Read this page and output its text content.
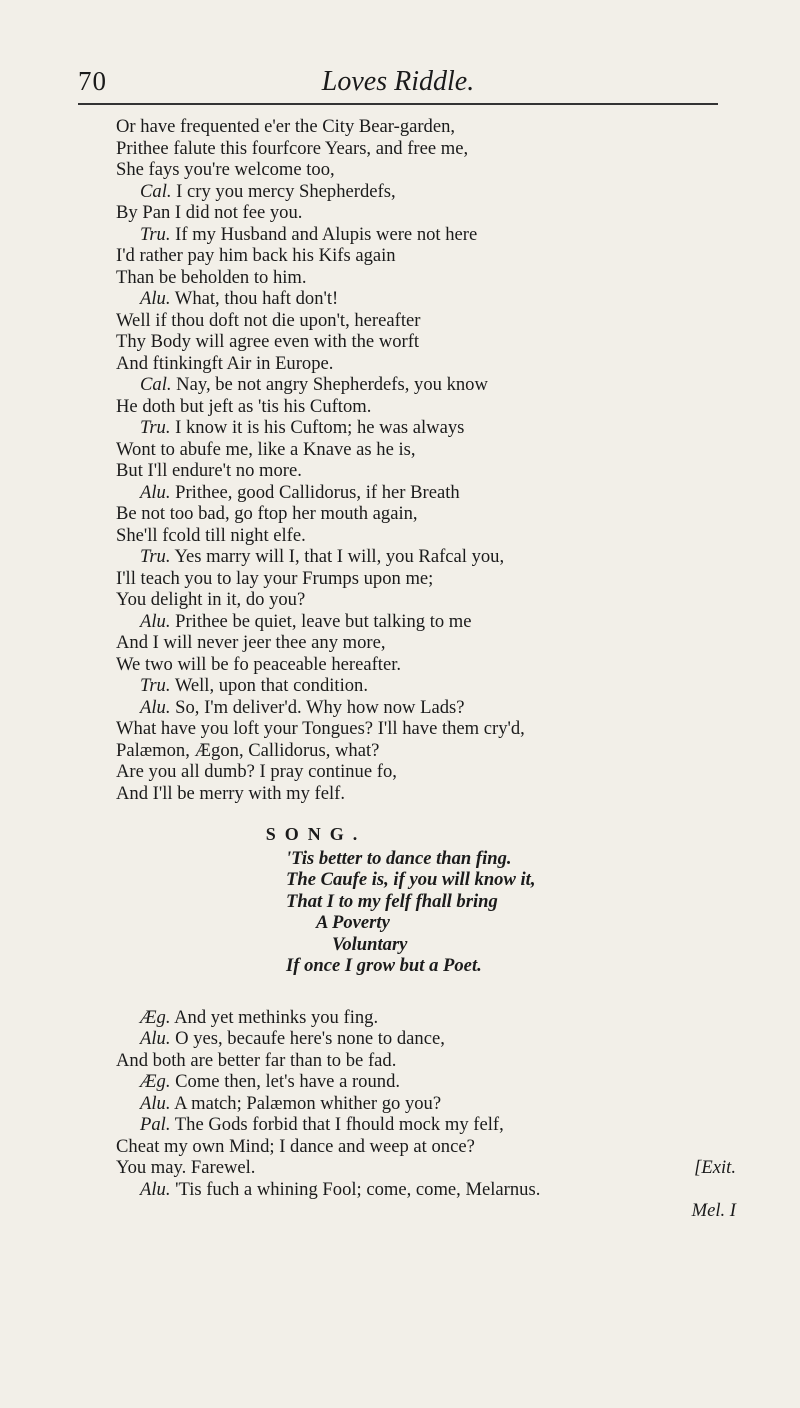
70	Loves Riddle.
Or have frequented e'er the City Bear-garden,
Prithee falute this fourfcore Years, and free me,
She fays you're welcome too,
Cal. I cry you mercy Shepherdefs,
By Pan I did not fee you.
Tru. If my Husband and Alupis were not here
I'd rather pay him back his Kifs again
Than be beholden to him.
Alu. What, thou haft don't!
Well if thou doft not die upon't, hereafter
Thy Body will agree even with the worft
And ftinkingft Air in Europe.
Cal. Nay, be not angry Shepherdefs, you know
He doth but jeft as 'tis his Cuftom.
Tru. I know it is his Cuftom; he was always
Wont to abufe me, like a Knave as he is,
But I'll endure't no more.
Alu. Prithee, good Callidorus, if her Breath
Be not too bad, go ftop her mouth again,
She'll fcold till night elfe.
Tru. Yes marry will I, that I will, you Rafcal you,
I'll teach you to lay your Frumps upon me;
You delight in it, do you?
Alu. Prithee be quiet, leave but talking to me
And I will never jeer thee any more,
We two will be fo peaceable hereafter.
Tru. Well, upon that condition.
Alu. So, I'm deliver'd. Why how now Lads?
What have you loft your Tongues? I'll have them cry'd,
Palæmon, Ægon, Callidorus, what?
Are you all dumb? I pray continue fo,
And I'll be merry with my felf.
SONG.
'Tis better to dance than fing.
The Caufe is, if you will know it,
That I to my felf fhall bring
A Poverty
Voluntary
If once I grow but a Poet.
Æg. And yet methinks you fing.
Alu. O yes, becaufe here's none to dance,
And both are better far than to be fad.
Æg. Come then, let's have a round.
Alu. A match; Palæmon whither go you?
Pal. The Gods forbid that I fhould mock my felf,
Cheat my own Mind; I dance and weep at once?
You may. Farewel.	[Exit.
Alu. 'Tis fuch a whining Fool; come, come, Melarnus.
Mel. I
